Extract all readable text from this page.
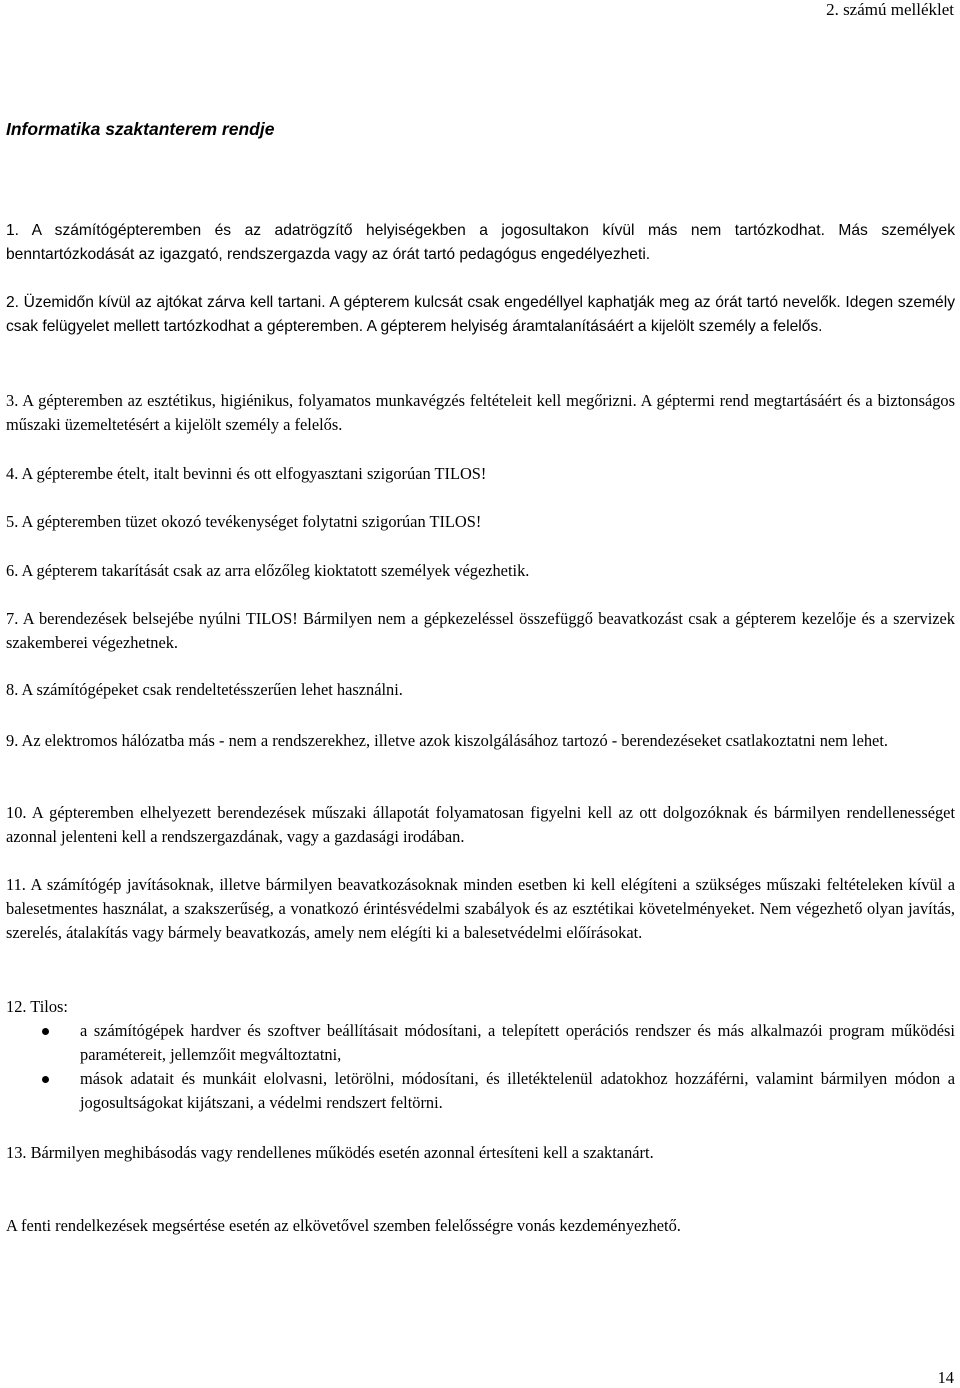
2. számú melléklet
Informatika szaktanterem rendje

1. A számítógépteremben és az adatrögzítő helyiségekben a jogosultakon kívül más nem tartózkodhat. Más személyek benntartózkodását az igazgató, rendszergazda vagy az órát tartó pedagógus engedélyezheti.

2. Üzemidőn kívül az ajtókat zárva kell tartani. A gépterem kulcsát csak engedéllyel kaphatják meg az órát tartó nevelők. Idegen személy csak felügyelet mellett tartózkodhat a gépteremben. A gépterem helyiség áramtalanításáért a kijelölt személy a felelős.

3. A gépteremben az esztétikus, higiénikus, folyamatos munkavégzés feltételeit kell megőrizni. A géptermi rend megtartásáért és a biztonságos műszaki üzemeltetésért a kijelölt személy a felelős.

4. A gépterembe ételt, italt bevinni és ott elfogyasztani szigorúan TILOS!

5. A gépteremben tüzet okozó tevékenységet folytatni szigorúan TILOS!

6. A gépterem takarítását csak az arra előzőleg kioktatott személyek végezhetik.

7. A berendezések belsejébe nyúlni TILOS! Bármilyen nem a gépkezeléssel összefüggő beavatkozást csak a gépterem kezelője és a szervizek szakemberei végezhetnek.

8. A számítógépeket csak rendeltetésszerűen lehet használni.

9. Az elektromos hálózatba más - nem a rendszerekhez, illetve azok kiszolgálásához tartozó - berendezéseket csatlakoztatni nem lehet.

10. A gépteremben elhelyezett berendezések műszaki állapotát folyamatosan figyelni kell az ott dolgozóknak és bármilyen rendellenességet azonnal jelenteni kell a rendszergazdának, vagy a gazdasági irodában.

11. A számítógép javításoknak, illetve bármilyen beavatkozásoknak minden esetben ki kell elégíteni a szükséges műszaki feltételeken kívül a balesetmentes használat, a szakszerűség, a vonatkozó érintésvédelmi szabályok és az esztétikai követelményeket. Nem végezhető olyan javítás, szerelés, átalakítás vagy bármely beavatkozás, amely nem elégíti ki a balesetvédelmi előírásokat.

12. Tilos:

a számítógépek hardver és szoftver beállításait módosítani, a telepített operációs rendszer és más alkalmazói program működési paramétereit, jellemzőit megváltoztatni,
mások adatait és munkáit elolvasni, letörölni, módosítani, és illetéktelenül adatokhoz hozzáférni, valamint bármilyen módon a jogosultságokat kijátszani, a védelmi rendszert feltörni.

13. Bármilyen meghibásodás vagy rendellenes működés esetén azonnal értesíteni kell a szaktanárt.

A fenti rendelkezések megsértése esetén az elkövetővel szemben felelősségre vonás kezdeményezhető.

14
